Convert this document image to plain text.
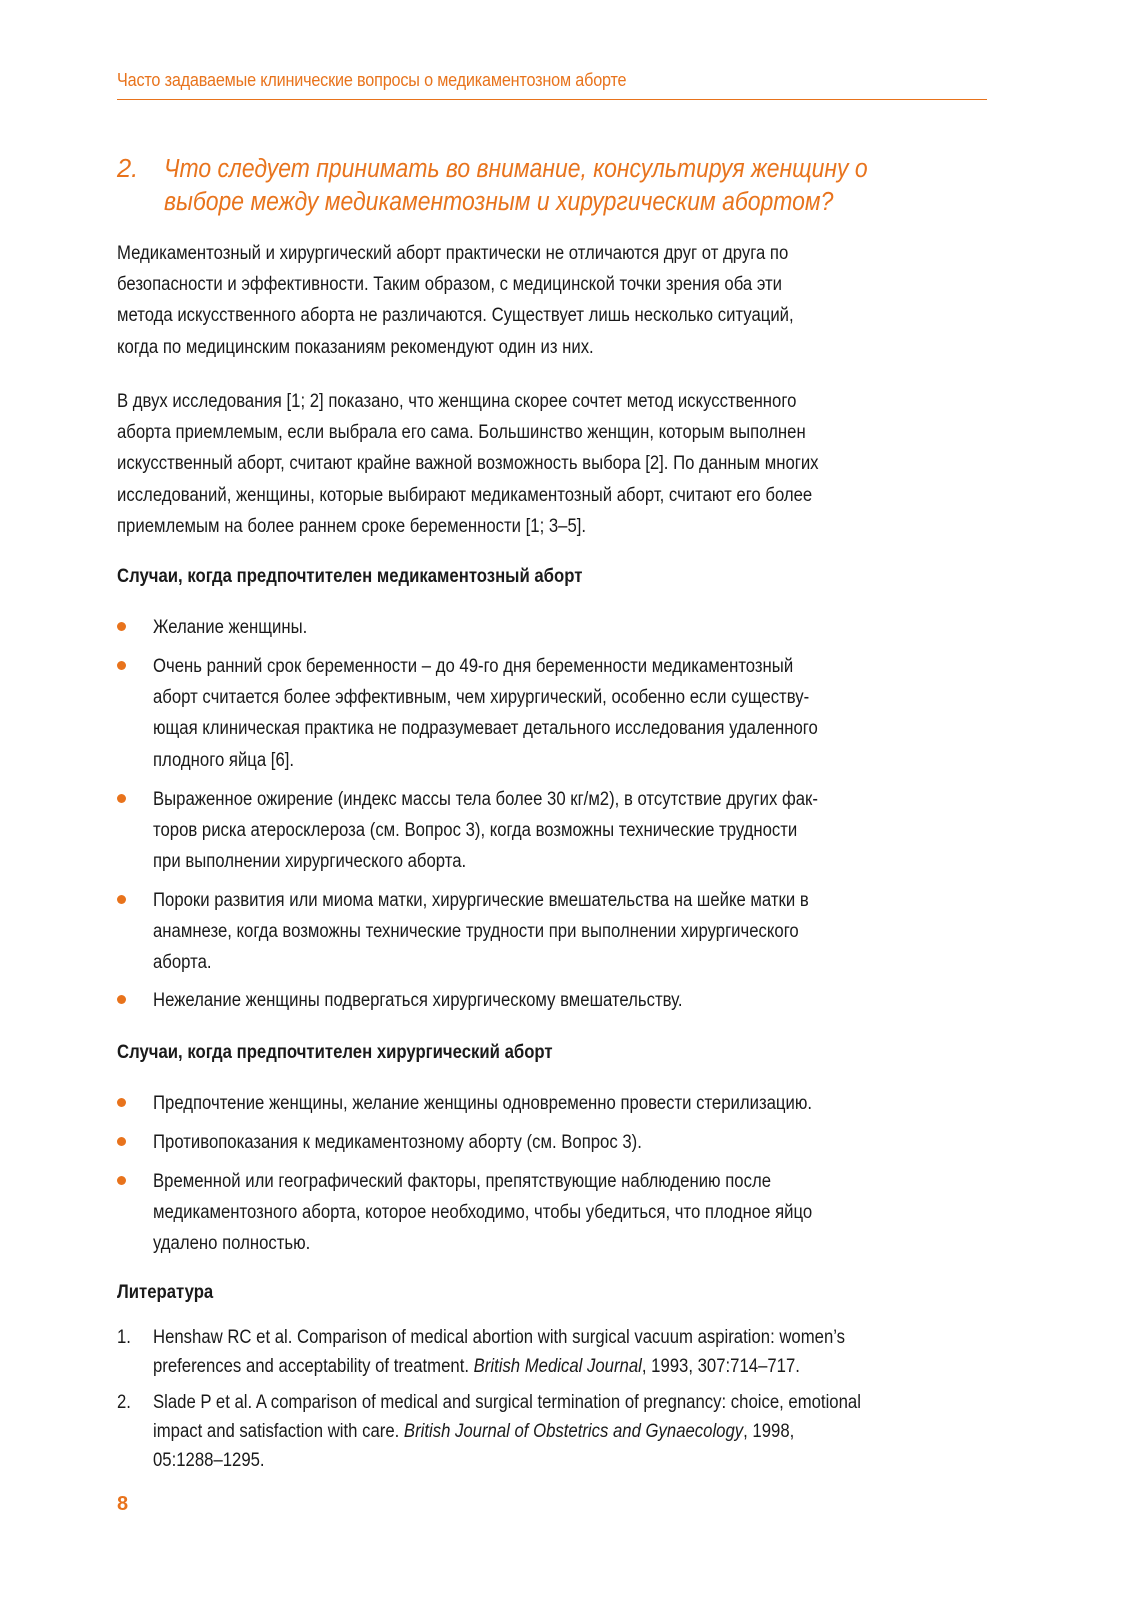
Часто задаваемые клинические вопросы о медикаментозном аборте
2. Что следует принимать во внимание, консультируя женщину о
выборе между медикаментозным и хирургическим абортом?
Медикаментозный и хирургический аборт практически не отличаются друг от друга по
безопасности и эффективности. Таким образом, с медицинской точки зрения оба эти
метода искусственного аборта не различаются. Существует лишь несколько ситуаций,
когда по медицинским показаниям рекомендуют один из них.
В двух исследования [1; 2] показано, что женщина скорее сочтет метод искусственного
аборта приемлемым, если выбрала его сама. Большинство женщин, которым выполнен
искусственный аборт, считают крайне важной возможность выбора [2]. По данным многих
исследований, женщины, которые выбирают медикаментозный аборт, считают его более
приемлемым на более раннем сроке беременности [1; 3–5].
Случаи, когда предпочтителен медикаментозный аборт
Желание женщины.
Очень ранний срок беременности – до 49-го дня беременности медикаментозный
аборт считается более эффективным, чем хирургический, особенно если существу-
ющая клиническая практика не подразумевает детального исследования удаленного
плодного яйца [6].
Выраженное ожирение (индекс массы тела более 30 кг/м2), в отсутствие других фак-
торов риска атеросклероза (см. Вопрос 3), когда возможны технические трудности
при выполнении хирургического аборта.
Пороки развития или миома матки, хирургические вмешательства на шейке матки в
анамнезе, когда возможны технические трудности при выполнении хирургического
аборта.
Нежелание женщины подвергаться хирургическому вмешательству.
Случаи, когда предпочтителен хирургический аборт
Предпочтение женщины, желание женщины одновременно провести стерилизацию.
Противопоказания к медикаментозному аборту (см. Вопрос 3).
Временной или географический факторы, препятствующие наблюдению после
медикаментозного аборта, которое необходимо, чтобы убедиться, что плодное яйцо
удалено полностью.
Литература
1. Henshaw RC et al. Comparison of medical abortion with surgical vacuum aspiration: women’s
preferences and acceptability of treatment. British Medical Journal, 1993, 307:714–717.
2. Slade P et al. A comparison of medical and surgical termination of pregnancy: choice, emotional
impact and satisfaction with care. British Journal of Obstetrics and Gynaecology, 1998,
05:1288–1295.
8
